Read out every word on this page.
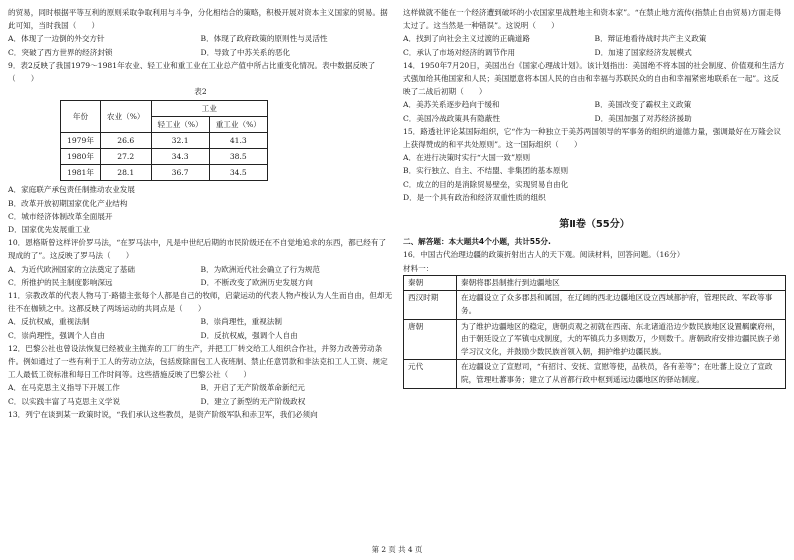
的贸易，同时根据平等互利的原则采取争取利用与斗争，分化相结合的策略，积极开展对资本主义国家的贸易。据此可知，当时我国（　　）

A．体现了一边倒的外交方针	B．体现了政府政策的原则性与灵活性
C．突破了西方世界的经济封锁	D．导致了中苏关系的恶化

9．表2反映了我国1979～1981年农业、轻工业和重工业在工业总产值中所占比重变化情况。表中数据反映了（　　）

表2

年份	农业（%）	工业	
		轻工业（%）	重工业（%）
1979年	26.6	32.1	41.3
1980年	27.2	34.3	38.5
1981年	28.1	36.7	34.5

A．家庭联产承包责任制推动农业发展

B．改革开放初期国家优化产业结构

C．城市经济体制改革全面展开

D．国家优先发展重工业

10．恩格斯曾这样评价罗马法，“在罗马法中，凡是中世纪后期的市民阶级还在不自觉地追求的东西，都已经有了现成的了”。这反映了罗马法（　　）

A．为近代欧洲国家的立法奠定了基础	B．为欧洲近代社会确立了行为规范
C．所推护的民主制度影响深远	D．不断改变了欧洲历史发展方向

11．宗教改革的代表人物马丁·路德主张每个人都是自己的牧师，启蒙运动的代表人物卢梭认为人生而自由，但却无往不在枷锁之中。这都反映了两场运动的共同点是（　　）

A．反抗权威，重视法制	B．崇尚理性，重视法制
C．崇尚理性，强调个人自由	D．反抗权威，强调个人自由

12．巴黎公社也曾设法恢复已经被业主抛弃的工厂的生产，并把工厂转交给工人组织合作社，并努力改善劳动条件。例如通过了一些有利于工人的劳动立法，包括废除面包工人夜班制、禁止任意罚款和非法克扣工人工资、规定工人最低工资标准和每日工作时间等。这些措施反映了巴黎公社（　　）

A．在马克思主义指导下开展工作	B．开启了无产阶级革命新纪元
C．以实践丰富了马克思主义学说	D．建立了新型的无产阶级政权

13．列宁在谈到某一政策时说，“我们承认这些教员，是资产阶级军队和赤卫军，我们必须向

这样做就不能在一个经济遭到破坏的小农国家里战胜地主和资本家”。“在禁止地方流传(指禁止自由贸易)方面走得太过了。这当然是一种错误”。这说明（　　）

A．找到了向社会主义过渡的正确道路	B．辩证地看待战时共产主义政策
C．承认了市场对经济的调节作用	D．加速了国家经济发展模式

14．1950年7月20日，美国出台《国家心理战计划》。该计划指出：美国绝不将本国的社会制度、价值观和生活方式强加给其他国家和人民；美国愿意将本国人民的自由和幸福与苏联民众的自由和幸福紧密地联系在一起”。这反映了二战后初期（　　）

A．美苏关系逐步趋向于缓和	B．美国改变了霸权主义政策
C．美国冷战政策具有隐蔽性	D．美国加强了对苏经济援助

15．路透社评论某国际组织，它“作为一种独立于美苏两国领导的军事务的组织的道德力量，强调最好在万隆会议上获得赞成的和平共处原则”。这一国际组织（　　）

A．在进行决策时实行“大国一致”原则

B．实行独立、自主、不结盟、非集团的基本原则

C．成立的目的是消除贸易壁垒，实现贸易自由化

D．是一个具有政治和经济双重性质的组织

第Ⅱ卷（55分）

二、解答题：本大题共4个小题，共计55分.

16．中国古代治理边疆的政策折射出古人的天下观。阅读材料，回答问题。（16分）

材料一：

秦朝	秦朝将郡县制推行到边疆地区
西汉时期	在边疆设立了众多郡县和属国，在辽阔的西北边疆地区设立西域都护府，管理民政、军政等事务。
唐朝	为了维护边疆地区的稳定，唐朝贞观之初就在西南、东北诸道沿边少数民族地区设置羁縻府州，由于朝廷设立了军镇屯戍制度，大的军镇兵力多则数万，少则数千。唐朝政府安排边疆民族子弟学习汉文化，并鼓励少数民族首领入朝，拥护维护边疆民族。
元代	在边疆设立了宣慰司，“有招讨、安抚、宣慰等使，品秩员，各有差等”；在吐蕃上设立了宣政院，管理吐蕃事务；建立了从首都行政中枢到遥远边疆地区的驿站制度。
第 2 页 共 4 页
